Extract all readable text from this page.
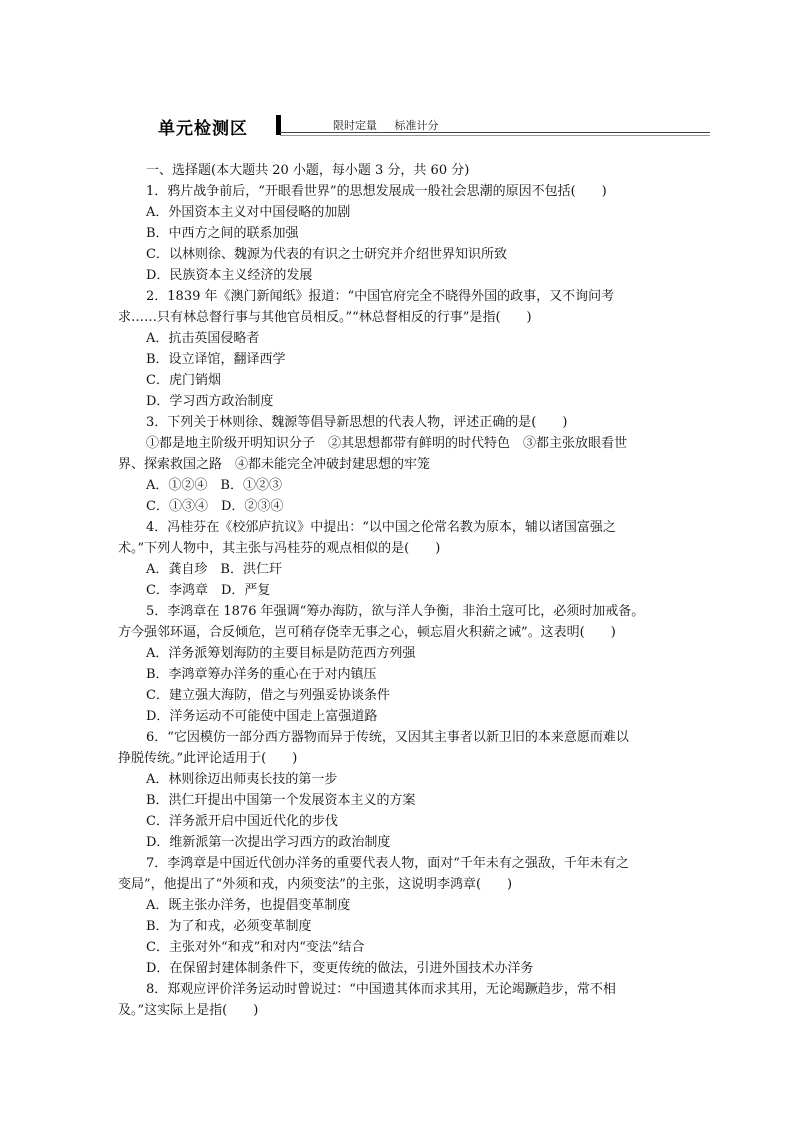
单元检测区	限时定量 标准计分
一、选择题(本大题共 20 小题，每小题 3 分，共 60 分)
1．鸦片战争前后，“开眼看世界”的思想发展成一般社会思潮的原因不包括(　　)
A．外国资本主义对中国侵略的加剧
B．中西方之间的联系加强
C．以林则徐、魏源为代表的有识之士研究并介绍世界知识所致
D．民族资本主义经济的发展
2．1839 年《澳门新闻纸》报道：“中国官府完全不晓得外国的政事，又不询问考
求……只有林总督行事与其他官员相反。”“林总督相反的行事”是指(　　)
A．抗击英国侵略者
B．设立译馆，翻译西学
C．虎门销烟
D．学习西方政治制度
3．下列关于林则徐、魏源等倡导新思想的代表人物，评述正确的是(　　)
①都是地主阶级开明知识分子　②其思想都带有鲜明的时代特色　③都主张放眼看世
界、探索救国之路　④都未能完全冲破封建思想的牢笼
A．①②④　B．①②③
C．①③④　D．②③④
4．冯桂芬在《校邠庐抗议》中提出：“以中国之伦常名教为原本，辅以诸国富强之
术。”下列人物中，其主张与冯桂芬的观点相似的是(　　)
A．龚自珍　B．洪仁玕
C．李鸿章　D．严复
5．李鸿章在 1876 年强调“筹办海防，欲与洋人争衡，非治土寇可比，必须时加戒备。
方今强邻环逼，合反倾危，岂可稍存侥幸无事之心，顿忘眉火积薪之诫”。这表明(　　)
A．洋务派筹划海防的主要目标是防范西方列强
B．李鸿章筹办洋务的重心在于对内镇压
C．建立强大海防，借之与列强妥协谈条件
D．洋务运动不可能使中国走上富强道路
6．“它因模仿一部分西方器物而异于传统，又因其主事者以新卫旧的本来意愿而难以
挣脱传统。”此评论适用于(　　)
A．林则徐迈出师夷长技的第一步
B．洪仁玕提出中国第一个发展资本主义的方案
C．洋务派开启中国近代化的步伐
D．维新派第一次提出学习西方的政治制度
7．李鸿章是中国近代创办洋务的重要代表人物，面对“千年未有之强敌，千年未有之
变局”，他提出了“外须和戎，内须变法”的主张，这说明李鸿章(　　)
A．既主张办洋务，也提倡变革制度
B．为了和戎，必须变革制度
C．主张对外“和戎”和对内“变法”结合
D．在保留封建体制条件下，变更传统的做法，引进外国技术办洋务
8．郑观应评价洋务运动时曾说过：“中国遗其体而求其用，无论竭蹶趋步，常不相
及。”这实际上是指(　　)
